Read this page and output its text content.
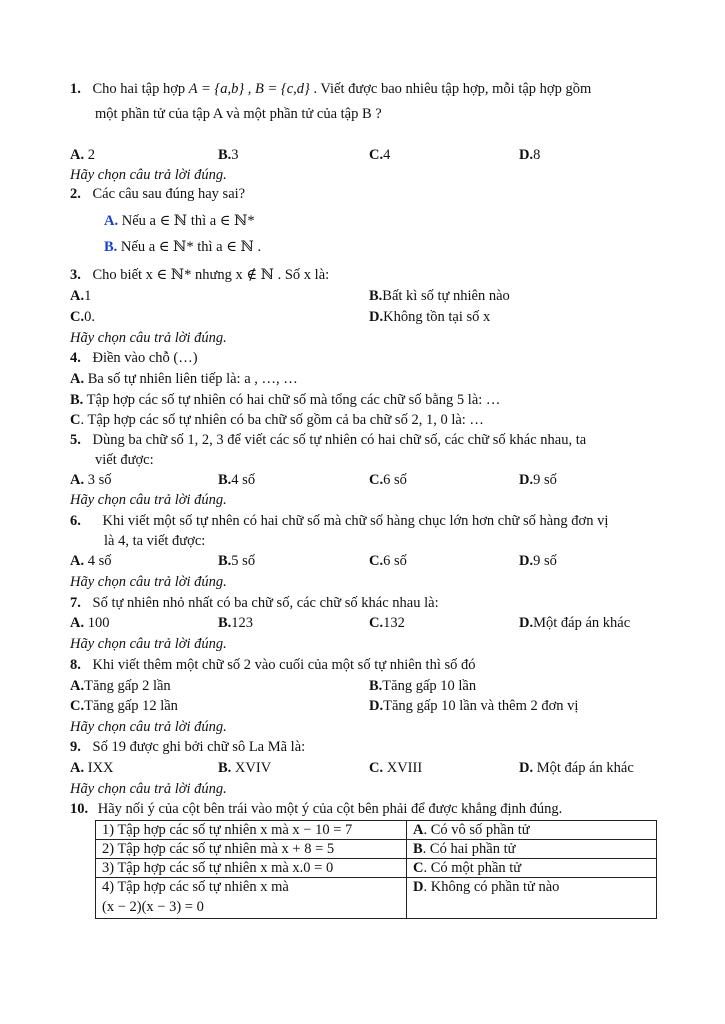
1. Cho hai tập hợp A = {a,b} , B = {c,d} . Viết được bao nhiêu tập hợp, mỗi tập hợp gồm
một phần tử của tập A và một phần tử của tập B ?
A. 2	B.3	C.4	D.8
Hãy chọn câu trả lời đúng.
2. Các câu sau đúng hay sai?
A. Nếu a ∈ ℕ thì a ∈ ℕ*
B. Nếu a ∈ ℕ* thì a ∈ ℕ .
3. Cho biết x ∈ ℕ* nhưng x ∉ ℕ . Số x là:
A.1	B.Bất kì số tự nhiên nào
C.0.	D.Không tồn tại số x
Hãy chọn câu trả lời đúng.
4. Điền vào chỗ (…)
A. Ba số tự nhiên liên tiếp là: a , …, …
B. Tập hợp các số tự nhiên có hai chữ số mà tổng các chữ số bằng 5 là: …
C. Tập hợp các số tự nhiên có ba chữ số gồm cả ba chữ số 2, 1, 0 là: …
5. Dùng ba chữ số 1, 2, 3 để viết các số tự nhiên có hai chữ số, các chữ số khác nhau, ta
viết được:
A. 3 số	B.4 số	C.6 số	D.9 số
Hãy chọn câu trả lời đúng.
6. Khi viết một số tự nhên có hai chữ số mà chữ số hàng chục lớn hơn chữ số hàng đơn vị
là 4, ta viết được:
A. 4 số	B.5 số	C.6 số	D.9 số
Hãy chọn câu trả lời đúng.
7. Số tự nhiên nhỏ nhất có ba chữ số, các chữ số khác nhau là:
A. 100	B.123	C.132	D.Một đáp án khác
Hãy chọn câu trả lời đúng.
8. Khi viết thêm một chữ số 2 vào cuối của một số tự nhiên thì số đó
A.Tăng gấp 2 lần	B.Tăng gấp 10 lần
C.Tăng gấp 12 lần	D.Tăng gấp 10 lần và thêm 2 đơn vị
Hãy chọn câu trả lời đúng.
9. Số 19 được ghi bởi chữ sô La Mã là:
A. IXX	B. XVIV	C. XVIII	D. Một đáp án khác
Hãy chọn câu trả lời đúng.
10. Hãy nối ý của cột bên trái vào một ý của cột bên phải để được khẳng định đúng.
1) Tập hợp các số tự nhiên x mà x − 10 = 7	A. Có vô số phần tử
2) Tập hợp các số tự nhiên mà x + 8 = 5	B. Có hai phần tử
3) Tập hợp các số tự nhiên x mà x.0 = 0	C. Có một phần tử

4) Tập hợp các số tự nhiên x mà
(x − 2)(x − 3) = 0	D. Không có phần tử nào
